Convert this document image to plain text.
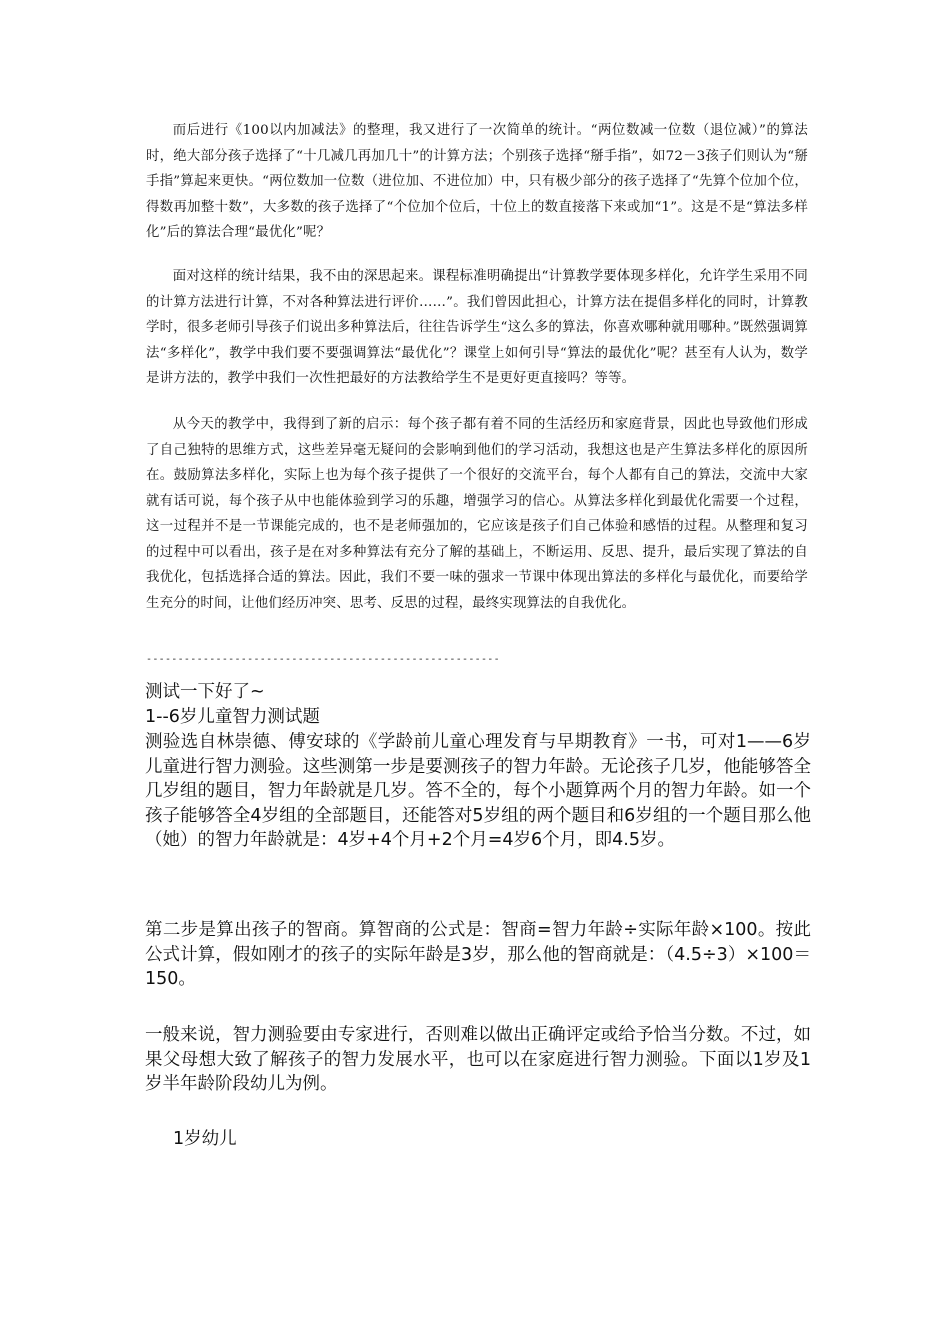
而后进行《100以内加减法》的整理，我又进行了一次简单的统计。“两位数减一位数（退位减）”的算法时，绝大部分孩子选择了“十几减几再加几十”的计算方法；个别孩子选择“掰手指”，如72－3孩子们则认为“掰手指”算起来更快。“两位数加一位数（进位加、不进位加）中，只有极少部分的孩子选择了“先算个位加个位，得数再加整十数”，大多数的孩子选择了“个位加个位后，十位上的数直接落下来或加“1”。这是不是“算法多样化”后的算法合理“最优化”呢？

面对这样的统计结果，我不由的深思起来。课程标准明确提出“计算教学要体现多样化，允许学生采用不同的计算方法进行计算，不对各种算法进行评价……”。我们曾因此担心，计算方法在提倡多样化的同时，计算教学时，很多老师引导孩子们说出多种算法后，往往告诉学生“这么多的算法，你喜欢哪种就用哪种。”既然强调算法“多样化”，教学中我们要不要强调算法“最优化”？课堂上如何引导“算法的最优化”呢？甚至有人认为，数学是讲方法的，教学中我们一次性把最好的方法教给学生不是更好更直接吗？等等。

从今天的教学中，我得到了新的启示：每个孩子都有着不同的生活经历和家庭背景，因此也导致他们形成了自己独特的思维方式，这些差异毫无疑问的会影响到他们的学习活动，我想这也是产生算法多样化的原因所在。鼓励算法多样化，实际上也为每个孩子提供了一个很好的交流平台，每个人都有自己的算法，交流中大家就有话可说，每个孩子从中也能体验到学习的乐趣，增强学习的信心。从算法多样化到最优化需要一个过程，这一过程并不是一节课能完成的，也不是老师强加的，它应该是孩子们自己体验和感悟的过程。从整理和复习的过程中可以看出，孩子是在对多种算法有充分了解的基础上，不断运用、反思、提升，最后实现了算法的自我优化，包括选择合适的算法。因此，我们不要一味的强求一节课中体现出算法的多样化与最优化，而要给学生充分的时间，让他们经历冲突、思考、反思的过程，最终实现算法的自我优化。

--------------------------------------------------------

测试一下好了~

1--6岁儿童智力测试题

测验选自林崇德、傅安球的《学龄前儿童心理发育与早期教育》一书，可对1——6岁儿童进行智力测验。这些测第一步是要测孩子的智力年龄。无论孩子几岁，他能够答全几岁组的题目，智力年龄就是几岁。答不全的，每个小题算两个月的智力年龄。如一个孩子能够答全4岁组的全部题目，还能答对5岁组的两个题目和6岁组的一个题目那么他（她）的智力年龄就是：4岁+4个月+2个月=4岁6个月，即4.5岁。

第二步是算出孩子的智商。算智商的公式是：智商=智力年龄÷实际年龄×100。按此公式计算，假如刚才的孩子的实际年龄是3岁，那么他的智商就是：（4.5÷3）×100＝150。

一般来说，智力测验要由专家进行，否则难以做出正确评定或给予恰当分数。不过，如果父母想大致了解孩子的智力发展水平，也可以在家庭进行智力测验。下面以1岁及1岁半年龄阶段幼儿为例。

1岁幼儿
